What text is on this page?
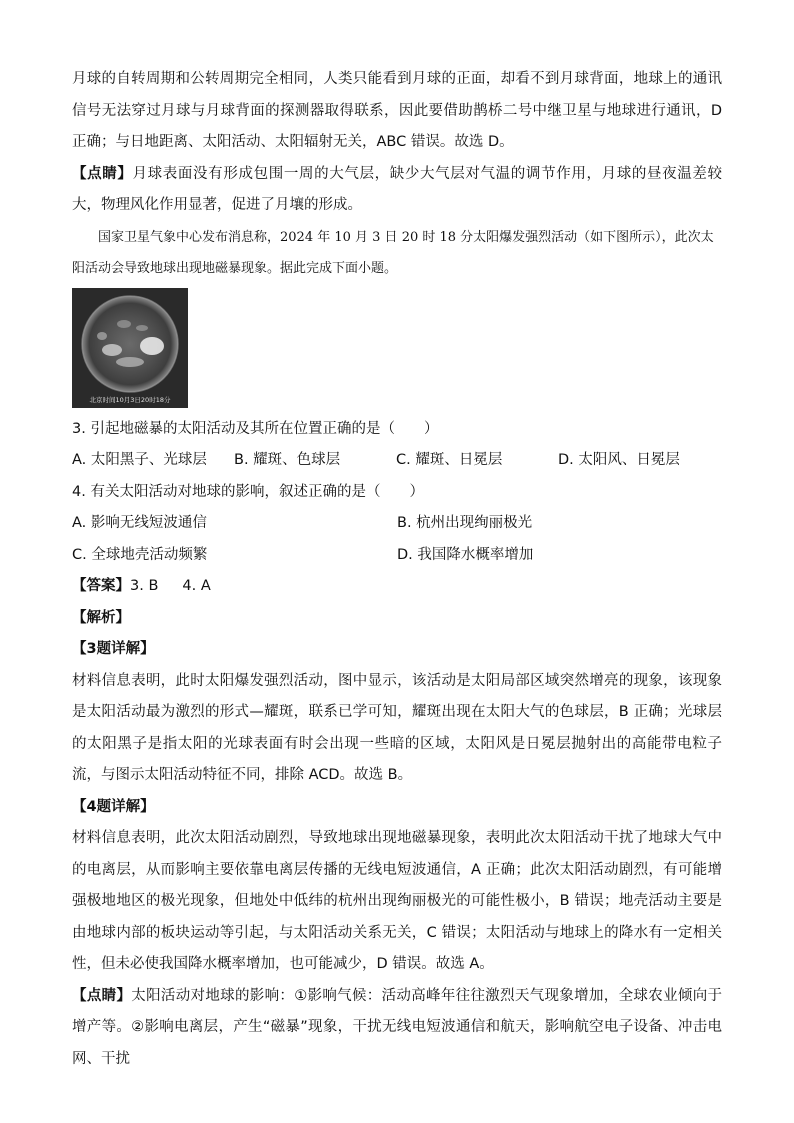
月球的自转周期和公转周期完全相同，人类只能看到月球的正面，却看不到月球背面，地球上的通讯信号无法穿过月球与月球背面的探测器取得联系，因此要借助鹊桥二号中继卫星与地球进行通讯，D 正确；与日地距离、太阳活动、太阳辐射无关，ABC 错误。故选 D。

【点睛】月球表面没有形成包围一周的大气层，缺少大气层对气温的调节作用，月球的昼夜温差较大，物理风化作用显著，促进了月壤的形成。

国家卫星气象中心发布消息称，2024 年 10 月 3 日 20 时 18 分太阳爆发强烈活动（如下图所示），此次太阳活动会导致地球出现地磁暴现象。据此完成下面小题。

北京时间10月3日20时18分

3. 引起地磁暴的太阳活动及其所在位置正确的是（　　）

A. 太阳黑子、光球层	B. 耀斑、色球层	C. 耀斑、日冕层	D. 太阳风、日冕层

4. 有关太阳活动对地球的影响，叙述正确的是（　　）

A. 影响无线短波通信	B. 杭州出现绚丽极光
C. 全球地壳活动频繁	D. 我国降水概率增加
【答案】3. B 4. A

【解析】

【3题详解】

材料信息表明，此时太阳爆发强烈活动，图中显示，该活动是太阳局部区域突然增亮的现象，该现象是太阳活动最为激烈的形式—耀斑，联系已学可知，耀斑出现在太阳大气的色球层，B 正确；光球层的太阳黑子是指太阳的光球表面有时会出现一些暗的区域，太阳风是日冕层抛射出的高能带电粒子流，与图示太阳活动特征不同，排除 ACD。故选 B。

【4题详解】

材料信息表明，此次太阳活动剧烈，导致地球出现地磁暴现象，表明此次太阳活动干扰了地球大气中的电离层，从而影响主要依靠电离层传播的无线电短波通信，A 正确；此次太阳活动剧烈，有可能增强极地地区的极光现象，但地处中低纬的杭州出现绚丽极光的可能性极小，B 错误；地壳活动主要是由地球内部的板块运动等引起，与太阳活动关系无关，C 错误；太阳活动与地球上的降水有一定相关性，但未必使我国降水概率增加，也可能减少，D 错误。故选 A。

【点睛】太阳活动对地球的影响：①影响气候：活动高峰年往往激烈天气现象增加，全球农业倾向于增产等。②影响电离层，产生“磁暴”现象，干扰无线电短波通信和航天，影响航空电子设备、冲击电网、干扰
